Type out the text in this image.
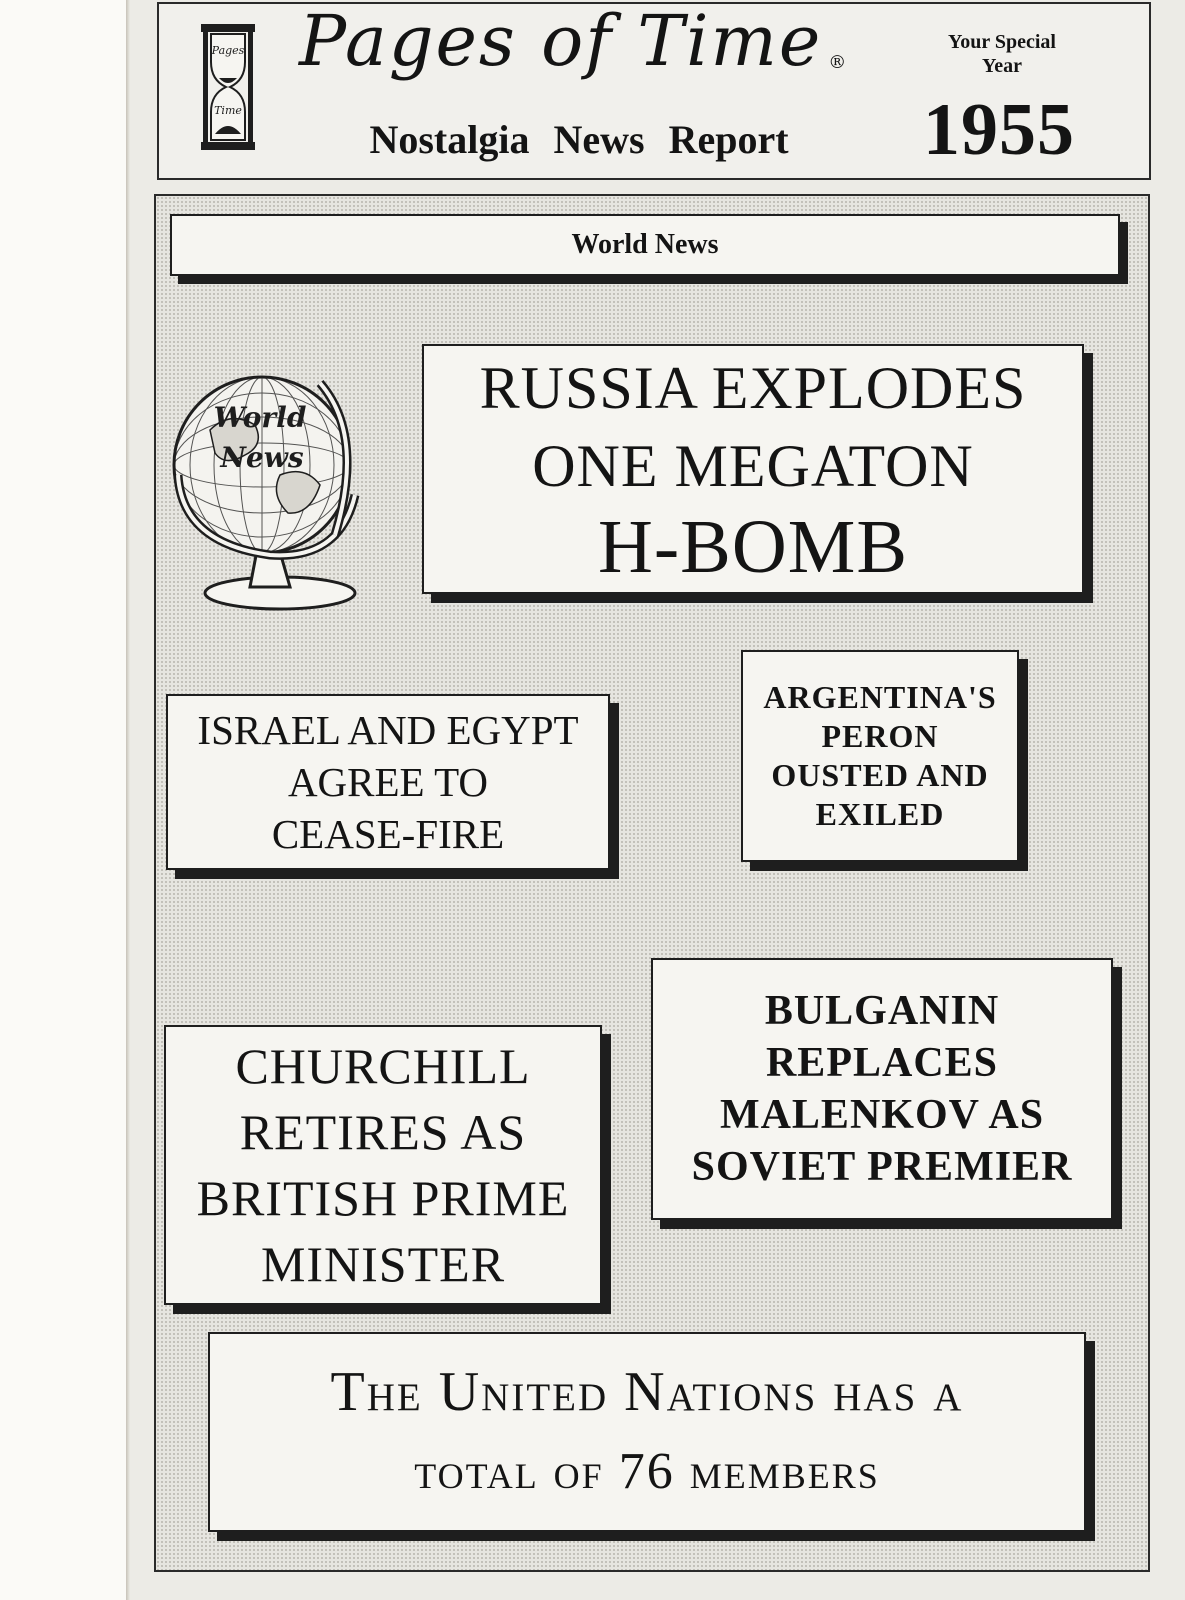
Pages
Time
Pages of Time ®
Nostalgia News Report
Your Special Year
1955
World News
World
News
RUSSIA EXPLODES
ONE MEGATON
H-BOMB
ISRAEL AND EGYPT
AGREE TO
CEASE-FIRE
ARGENTINA'S
PERON
OUSTED AND
EXILED
CHURCHILL
RETIRES AS
BRITISH PRIME
MINISTER
BULGANIN
REPLACES
MALENKOV AS
SOVIET PREMIER
The United Nations has a
total of 76 members
